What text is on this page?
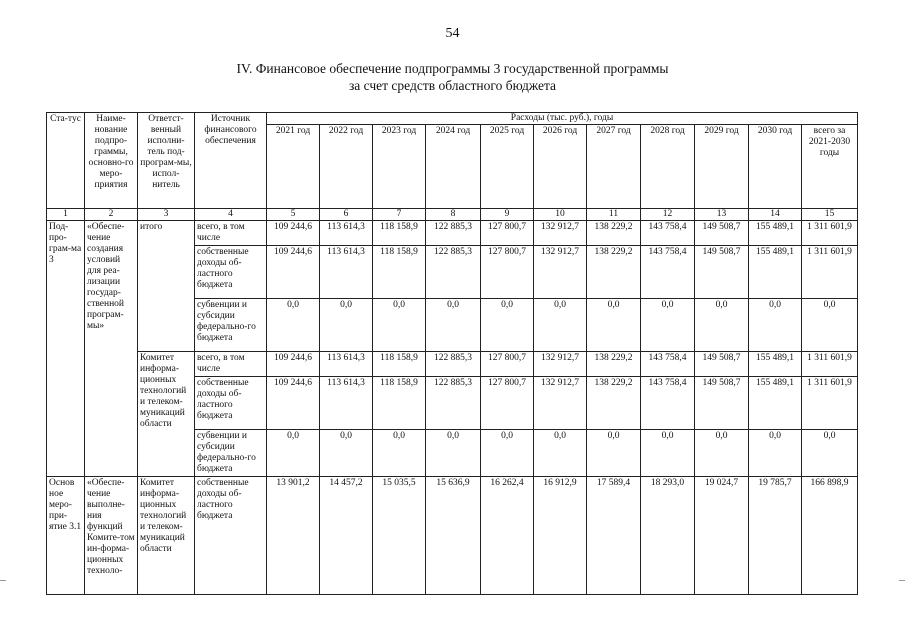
54
IV. Финансовое обеспечение подпрограммы 3 государственной программы
за счет средств областного бюджета
Ста-тус	Наиме-нование подпро-граммы, основно-го меро-приятия	Ответст-венный исполни-тель под-програм-мы, испол-нитель	Источник финансового обеспечения	Расходы (тыс. руб.), годы										
				2021 год	2022 год	2023 год	2024 год	2025 год	2026 год	2027 год	2028 год	2029 год	2030 год	всего за 2021-2030 годы
1	2	3	4	5	6	7	8	9	10	11	12	13	14	15
Под-про-грам-ма 3	«Обеспе-чение создания условий для реа-лизации государ-ственной програм-мы»	итого	всего, в том числе	109 244,6	113 614,3	118 158,9	122 885,3	127 800,7	132 912,7	138 229,2	143 758,4	149 508,7	155 489,1	1 311 601,9
			собственные доходы об-ластного бюджета	109 244,6	113 614,3	118 158,9	122 885,3	127 800,7	132 912,7	138 229,2	143 758,4	149 508,7	155 489,1	1 311 601,9
			субвенции и субсидии федерально-го бюджета	0,0	0,0	0,0	0,0	0,0	0,0	0,0	0,0	0,0	0,0	0,0
		Комитет информа-ционных технологий и телеком-муникаций области	всего, в том числе	109 244,6	113 614,3	118 158,9	122 885,3	127 800,7	132 912,7	138 229,2	143 758,4	149 508,7	155 489,1	1 311 601,9
			собственные доходы об-ластного бюджета	109 244,6	113 614,3	118 158,9	122 885,3	127 800,7	132 912,7	138 229,2	143 758,4	149 508,7	155 489,1	1 311 601,9
			субвенции и субсидии федерально-го бюджета	0,0	0,0	0,0	0,0	0,0	0,0	0,0	0,0	0,0	0,0	0,0
Основ ное меро-при-ятие 3.1	«Обеспе-чение выполне-ния функций Комите-том ин-форма-ционных техноло-	Комитет информа-ционных технологий и телеком-муникаций области	собственные доходы об-ластного бюджета	13 901,2	14 457,2	15 035,5	15 636,9	16 262,4	16 912,9	17 589,4	18 293,0	19 024,7	19 785,7	166 898,9
